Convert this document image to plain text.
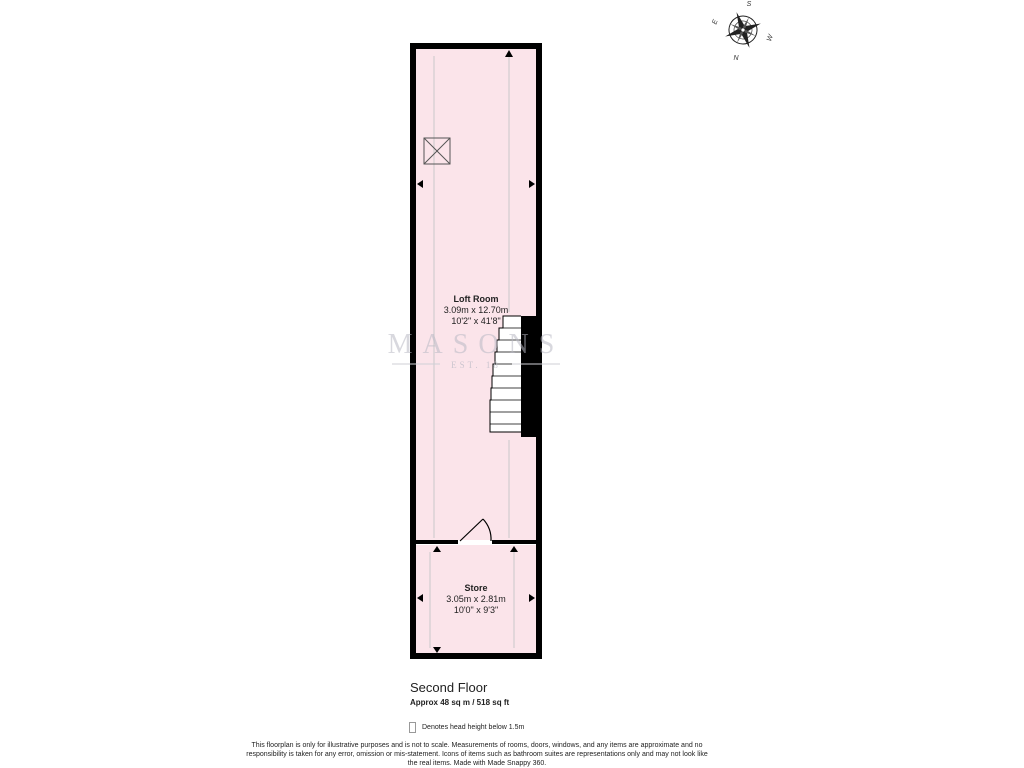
MASONS
EST. 18
Loft Room
3.09m x 12.70m
10'2" x 41'8"
Store
3.05m x 2.81m
10'0" x 9'3"
S
N
E
W
Second Floor
Approx 48 sq m / 518 sq ft
Denotes head height below 1.5m
This floorplan is only for illustrative purposes and is not to scale. Measurements of rooms, doors, windows, and any items are approximate and no responsibility is taken for any error, omission or mis-statement. Icons of items such as bathroom suites are representations only and may not look like the real items. Made with Made Snappy 360.
